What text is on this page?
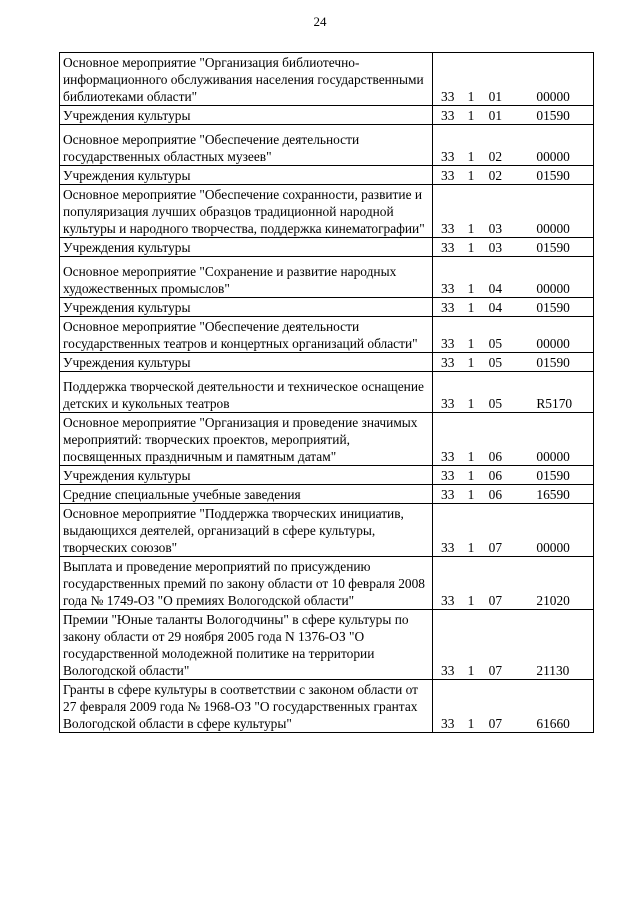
24
Основное мероприятие "Организация библиотечно-информационного обслуживания населения государственными библиотеками области"	33 1 01 00000

Учреждения культуры	33 1 01 01590

Основное мероприятие "Обеспечение деятельности государственных областных музеев"	33 1 02 00000

Учреждения культуры	33 1 02 01590

Основное мероприятие "Обеспечение сохранности, развитие и популяризация лучших образцов традиционной народной культуры и народного творчества, поддержка кинематографии"	33 1 03 00000

Учреждения культуры	33 1 03 01590

Основное мероприятие "Сохранение и развитие народных художественных промыслов"	33 1 04 00000

Учреждения культуры	33 1 04 01590

Основное мероприятие "Обеспечение деятельности государственных театров и концертных организаций области"	33 1 05 00000

Учреждения культуры	33 1 05 01590

Поддержка творческой деятельности и техническое оснащение детских и кукольных театров	33 1 05 R5170

Основное мероприятие "Организация и проведение значимых мероприятий: творческих проектов, мероприятий, посвященных праздничным и памятным датам"	33 1 06 00000

Учреждения культуры	33 1 06 01590

Средние специальные учебные заведения	33 1 06 16590

Основное мероприятие "Поддержка творческих инициатив, выдающихся деятелей, организаций в сфере культуры, творческих союзов"	33 1 07 00000

Выплата и проведение мероприятий по присуждению государственных премий по закону области от 10 февраля 2008 года № 1749-ОЗ "О премиях Вологодской области"	33 1 07 21020

Премии "Юные таланты Вологодчины" в сфере культуры по закону области от 29 ноября 2005 года N 1376-ОЗ "О государственной молодежной политике на территории Вологодской области"	33 1 07 21130

Гранты в сфере культуры в соответствии с законом области от 27 февраля 2009 года № 1968-ОЗ "О государственных грантах Вологодской области в сфере культуры"	33 1 07 61660
